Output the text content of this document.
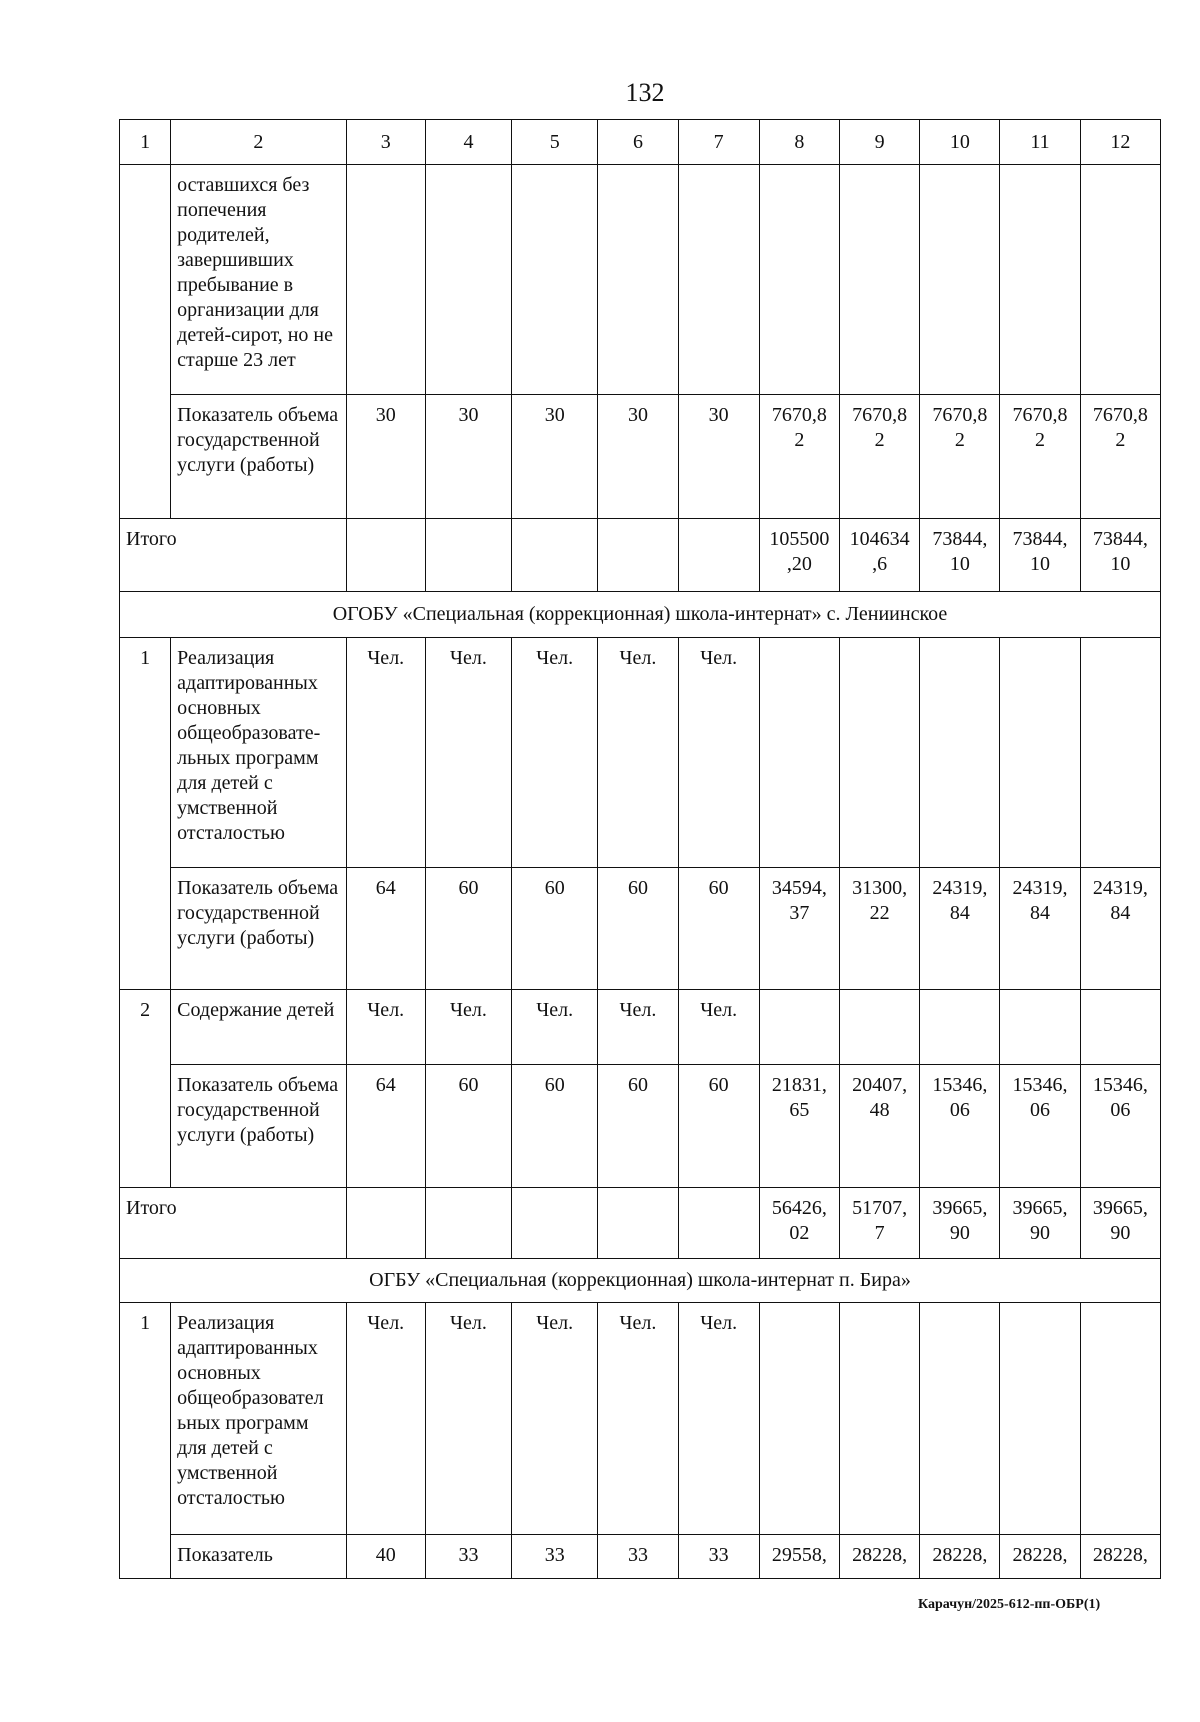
132
1	2	3	4	5	6	7	8	9	10	11	12
	оставшихся без попечения родителей, завершивших пребывание в организации для детей-сирот, но не старше 23 лет										
	Показатель объема государственной услуги (работы)	30	30	30	30	30	7670,8 2	7670,8 2	7670,8 2	7670,8 2	7670,8 2
Итого							105500 ,20	104634 ,6	73844, 10	73844, 10	73844, 10
ОГОБУ «Специальная (коррекционная) школа-интернат» с. Лениинское											
1	Реализация адаптированных основных общеобразовате-льных программ для детей с умственной отсталостью	Чел.	Чел.	Чел.	Чел.	Чел.					
	Показатель объема государственной услуги (работы)	64	60	60	60	60	34594, 37	31300, 22	24319, 84	24319, 84	24319, 84
2	Содержание детей	Чел.	Чел.	Чел.	Чел.	Чел.					
	Показатель объема государственной услуги (работы)	64	60	60	60	60	21831, 65	20407, 48	15346, 06	15346, 06	15346, 06
Итого							56426, 02	51707, 7	39665, 90	39665, 90	39665, 90
ОГБУ «Специальная (коррекционная) школа-интернат п. Бира»											
1	Реализация адаптированных основных общеобразовател ьных программ для детей с умственной отсталостью	Чел.	Чел.	Чел.	Чел.	Чел.					
	Показатель	40	33	33	33	33	29558,	28228,	28228,	28228,	28228,
Карачун/2025-612-пп-ОБР(1)
